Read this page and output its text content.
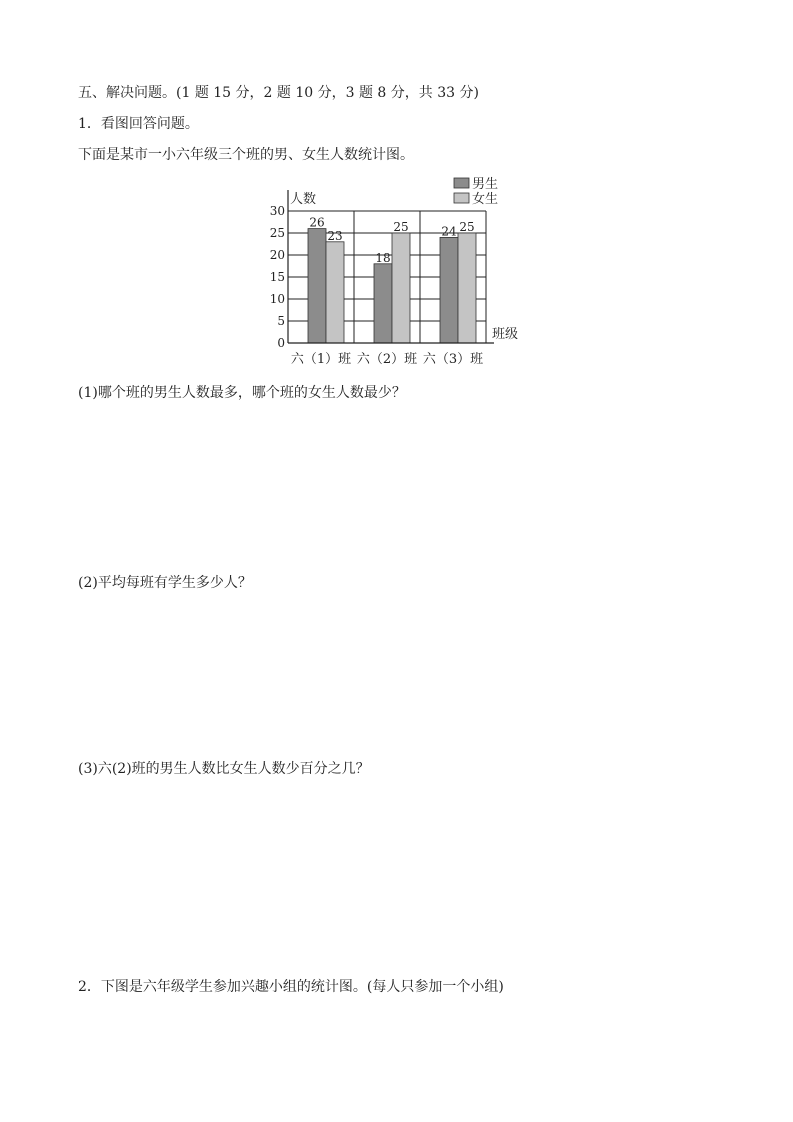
五、解决问题。(1 题 15 分，2 题 10 分，3 题 8 分，共 33 分)
1．看图回答问题。
下面是某市一小六年级三个班的男、女生人数统计图。
0
5
10
15
20
25
30
26
23
六（1）班
18
25
六（2）班
24 25
六（3）班
人数
班级
男生
女生
(1)哪个班的男生人数最多，哪个班的女生人数最少？
(2)平均每班有学生多少人？
(3)六(2)班的男生人数比女生人数少百分之几？
2．下图是六年级学生参加兴趣小组的统计图。(每人只参加一个小组)
